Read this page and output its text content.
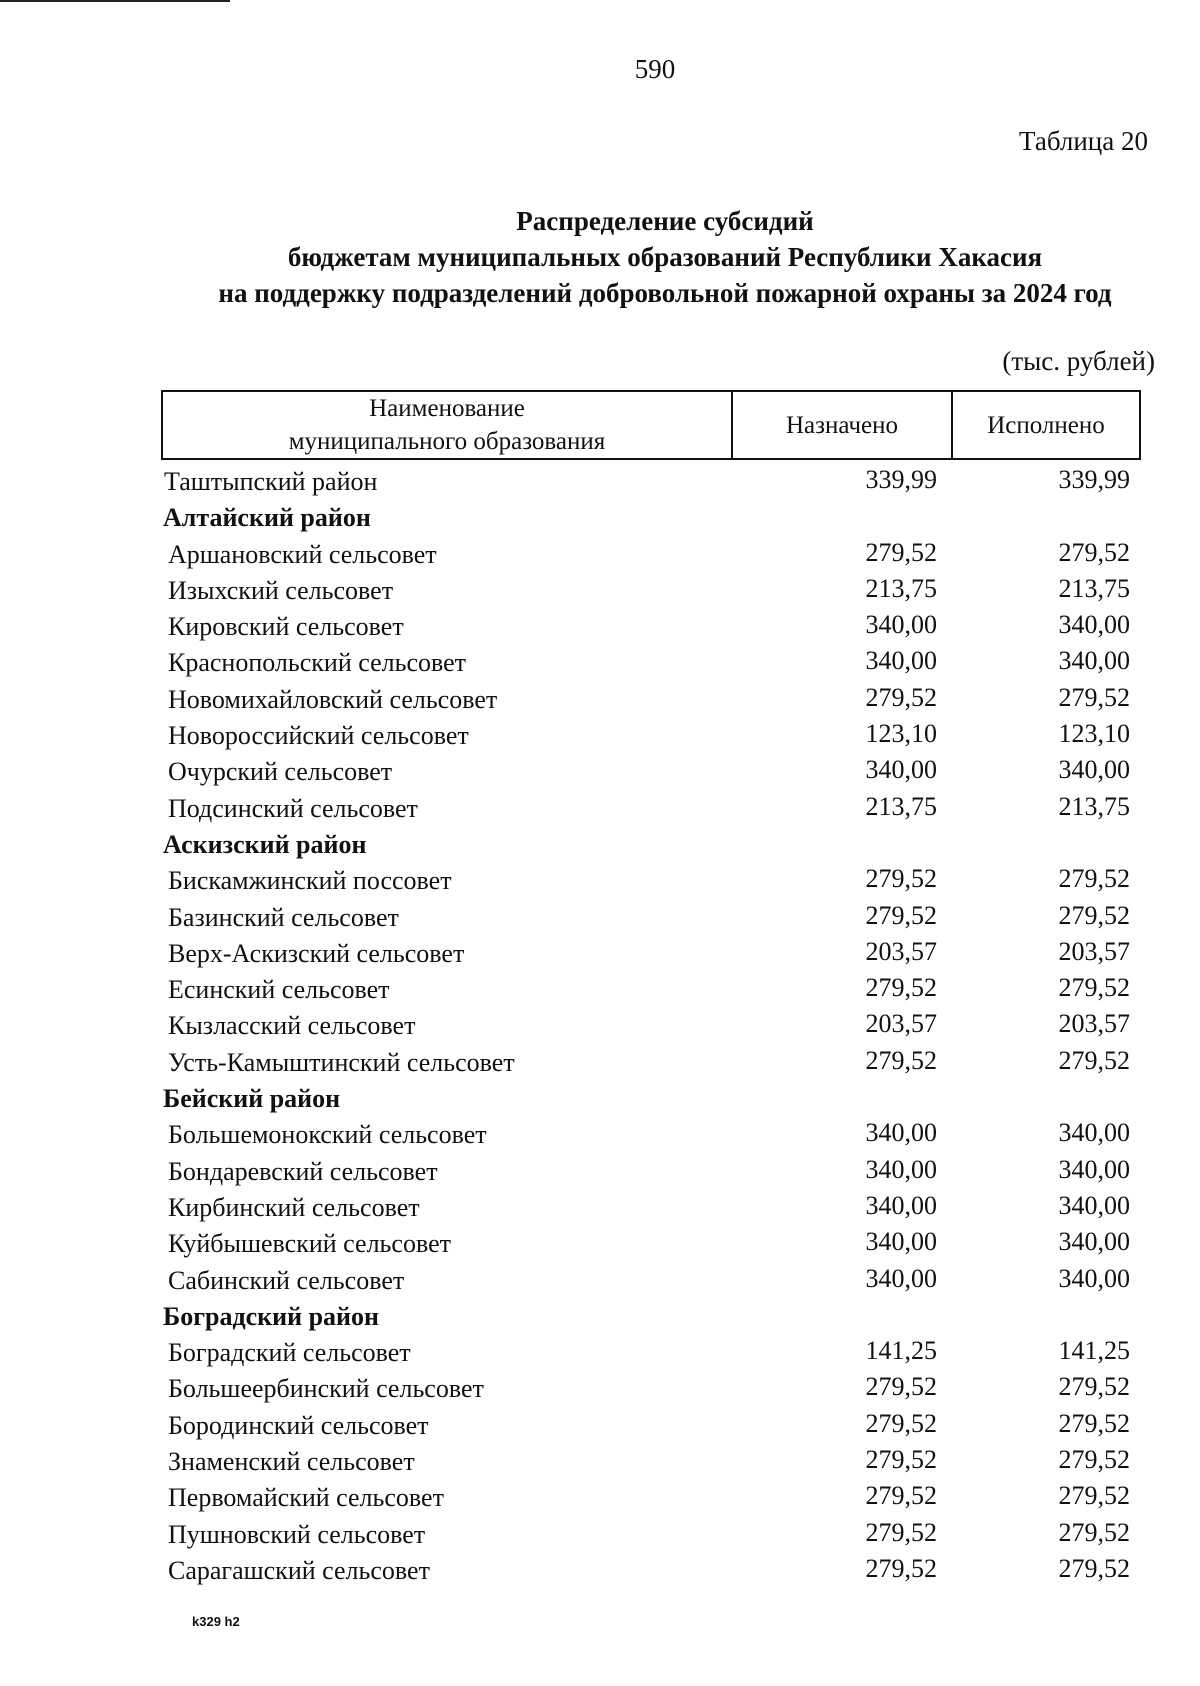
590
Таблица 20
Распределение субсидий
бюджетам муниципальных образований Республики Хакасия
на поддержку подразделений добровольной пожарной охраны за 2024 год
(тыс. рублей)
Наименование
муниципального образования
Назначено	Исполнено
Таштыпский район	339,99	339,99
Алтайский район
Аршановский сельсовет	279,52	279,52
Изыхский сельсовет	213,75	213,75
Кировский сельсовет	340,00	340,00
Краснопольский сельсовет	340,00	340,00
Новомихайловский сельсовет	279,52	279,52
Новороссийский сельсовет	123,10	123,10
Очурский сельсовет	340,00	340,00
Подсинский сельсовет	213,75	213,75
Аскизский район
Бискамжинский поссовет	279,52	279,52
Базинский сельсовет	279,52	279,52
Верх-Аскизский сельсовет	203,57	203,57
Есинский сельсовет	279,52	279,52
Кызласский сельсовет	203,57	203,57
Усть-Камыштинский сельсовет	279,52	279,52
Бейский район
Большемонокский сельсовет	340,00	340,00
Бондаревский сельсовет	340,00	340,00
Кирбинский сельсовет	340,00	340,00
Куйбышевский сельсовет	340,00	340,00
Сабинский сельсовет	340,00	340,00
Боградский район
Боградский сельсовет	141,25	141,25
Большеербинский сельсовет	279,52	279,52
Бородинский сельсовет	279,52	279,52
Знаменский сельсовет	279,52	279,52
Первомайский сельсовет	279,52	279,52
Пушновский сельсовет	279,52	279,52
Сарагашский сельсовет	279,52	279,52
k329 h2
